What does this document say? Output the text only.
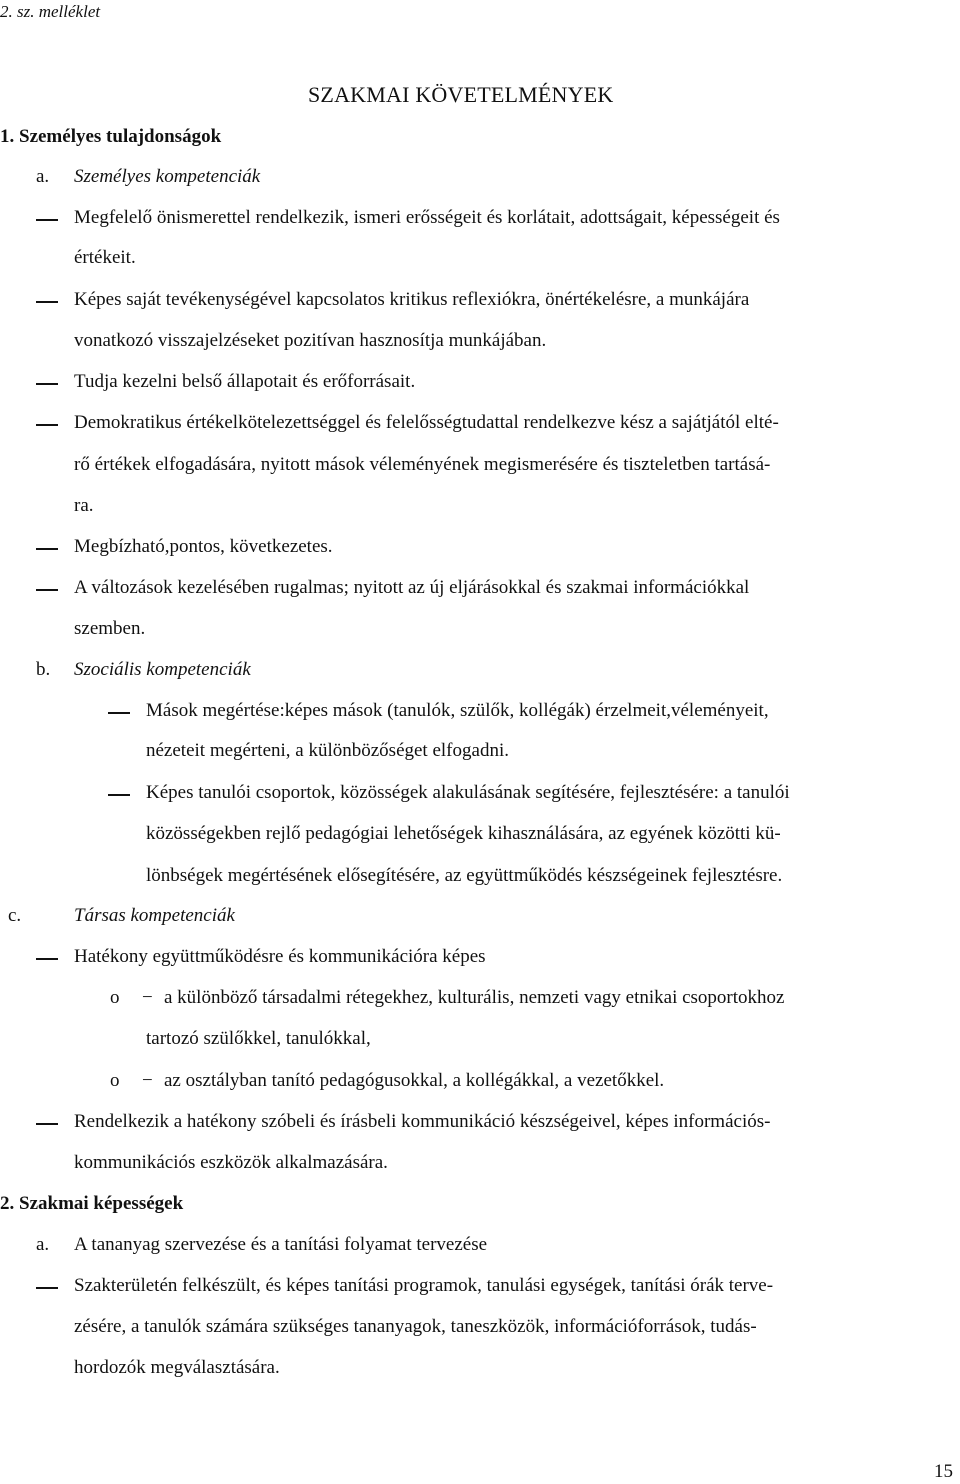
2. sz. melléklet
SZAKMAI KÖVETELMÉNYEK
1. Személyes tulajdonságok
a. Személyes kompetenciák
Megfelelő önismerettel rendelkezik, ismeri erősségeit és korlátait, adottságait, képességeit és
értékeit.
Képes saját tevékenységével kapcsolatos kritikus reflexiókra, önértékelésre, a munkájára
vonatkozó visszajelzéseket pozitívan hasznosítja munkájában.
Tudja kezelni belső állapotait és erőforrásait.
Demokratikus értékelkötelezettséggel és felelősségtudattal rendelkezve kész a sajátjától elté-
rő értékek elfogadására, nyitott mások véleményének megismerésére és tiszteletben tartásá-
ra.
Megbízható,pontos, következetes.
A változások kezelésében rugalmas; nyitott az új eljárásokkal és szakmai információkkal
szemben.
b. Szociális kompetenciák
Mások megértése:képes mások (tanulók, szülők, kollégák) érzelmeit,véleményeit,
nézeteit megérteni, a különbözőséget elfogadni.
Képes tanulói csoportok, közösségek alakulásának segítésére, fejlesztésére: a tanulói
közösségekben rejlő pedagógiai lehetőségek kihasználására, az egyének közötti kü-
lönbségek megértésének elősegítésére, az együttműködés készségeinek fejlesztésre.
c.	Társas kompetenciák
Hatékony együttműködésre és kommunikációra képes
o − a különböző társadalmi rétegekhez, kulturális, nemzeti vagy etnikai csoportokhoz
tartozó szülőkkel, tanulókkal,
o − az osztályban tanító pedagógusokkal, a kollégákkal, a vezetőkkel.
Rendelkezik a hatékony szóbeli és írásbeli kommunikáció készségeivel, képes információs-
kommunikációs eszközök alkalmazására.
2. Szakmai képességek
a. A tananyag szervezése és a tanítási folyamat tervezése
Szakterületén felkészült, és képes tanítási programok, tanulási egységek, tanítási órák terve-
zésére, a tanulók számára szükséges tananyagok, taneszközök, információforrások, tudás-
hordozók megválasztására.
15
